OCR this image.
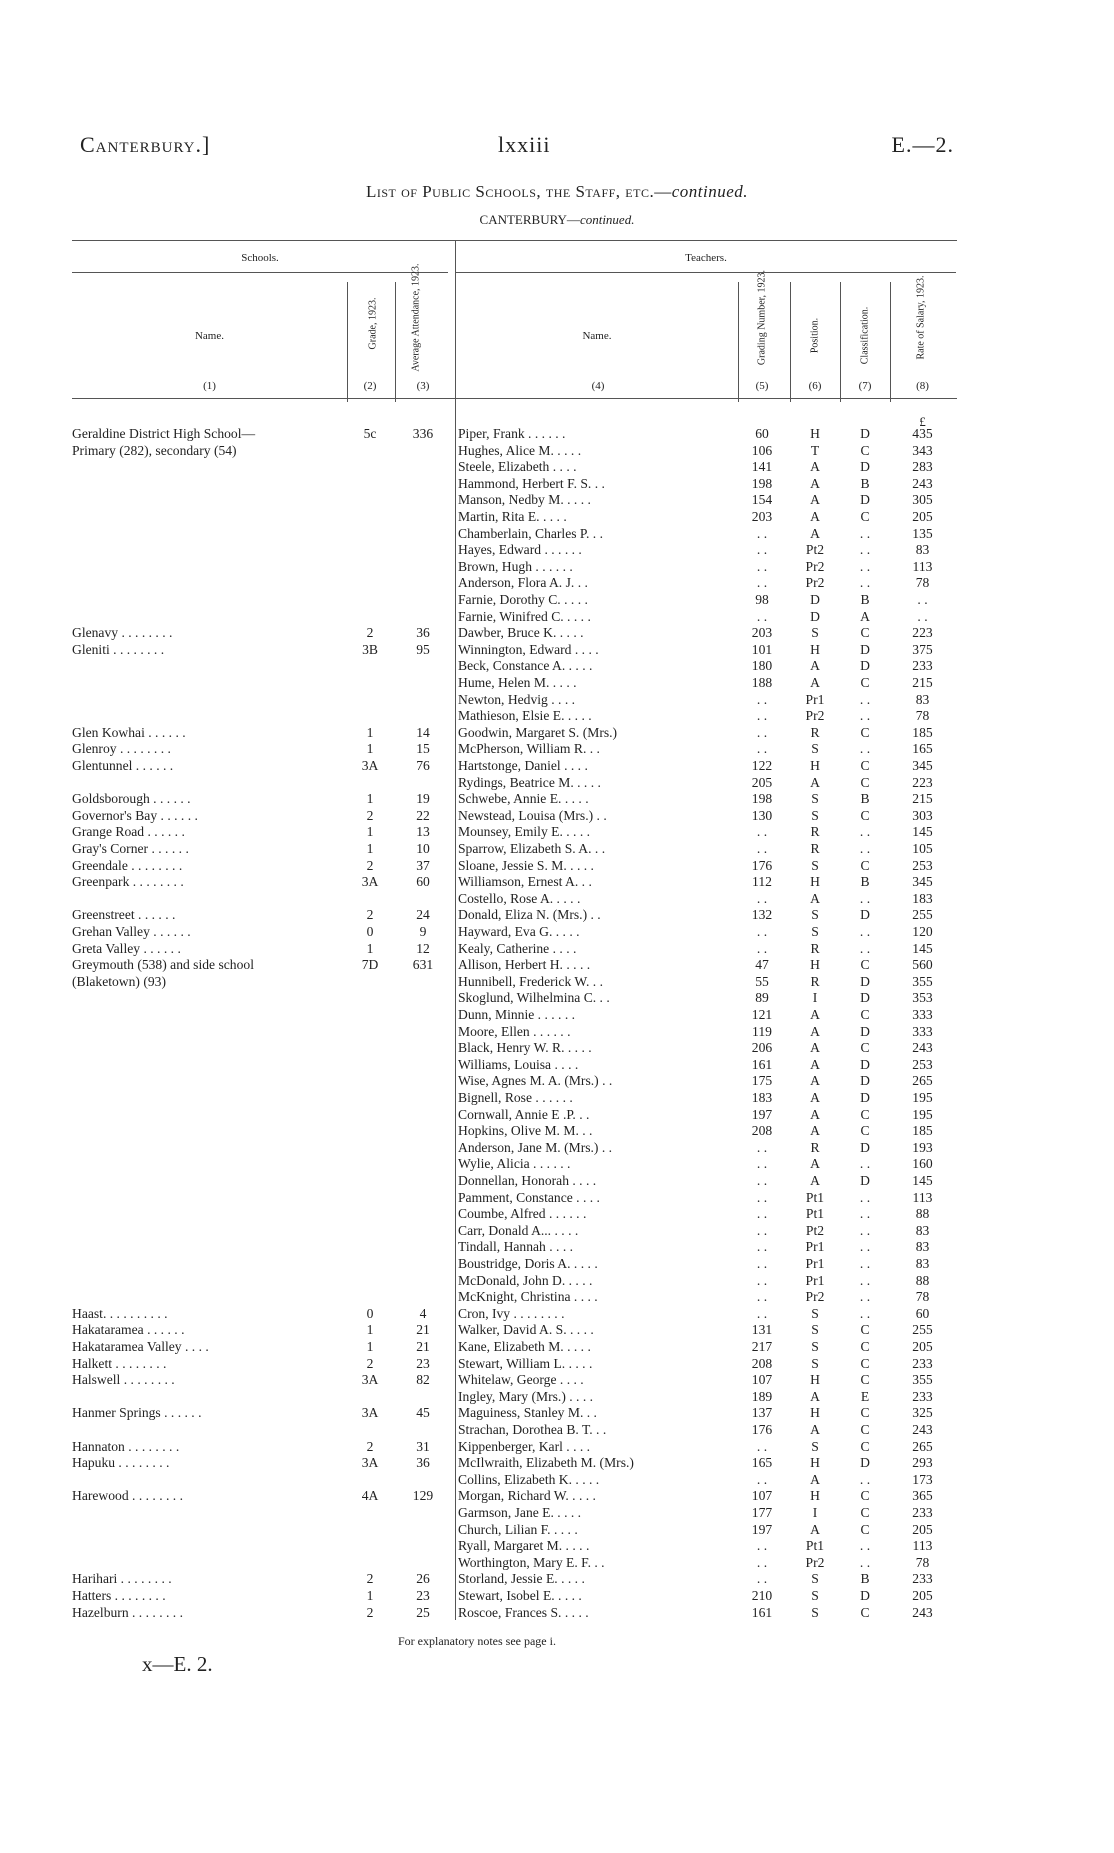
Canterbury.]	lxxiii	E.—2.
List of Public Schools, the Staff, etc.—continued.
CANTERBURY—continued.
Schools.	Teachers.
Name.	Grade, 1923.	Average Attendance, 1923.	Name.	Grading Number, 1923.	Position.	Classification.	Rate of Salary, 1923.
(1)	(2)	(3)	(4)	(5)	(6)	(7)	(8)
£
Geraldine District High School—	5c	336	Piper, Frank . . . . . .	60	H	D	435
Primary (282), secondary (54)	Hughes, Alice M. . . . .	106	T	C	343
Steele, Elizabeth . . . .	141	A	D	283
Hammond, Herbert F. S. . .	198	A	B	243
Manson, Nedby M. . . . .	154	A	D	305
Martin, Rita E. . . . .	203	A	C	205
Chamberlain, Charles P. . .	. .	A	. .	135
Hayes, Edward . . . . . .	. .	Pt2	. .	83
Brown, Hugh . . . . . .	. .	Pr2	. .	113
Anderson, Flora A. J. . .	. .	Pr2	. .	78
Farnie, Dorothy C. . . . .	98	D	B	. .
Farnie, Winifred C. . . . .	. .	D	A	. .
Glenavy . . . . . . . .	2	36	Dawber, Bruce K. . . . .	203	S	C	223
Gleniti . . . . . . . .	3B	95	Winnington, Edward . . . .	101	H	D	375
Beck, Constance A. . . . .	180	A	D	233
Hume, Helen M. . . . .	188	A	C	215
Newton, Hedvig . . . .	. .	Pr1	. .	83
Mathieson, Elsie E. . . . .	. .	Pr2	. .	78
Glen Kowhai . . . . . .	1	14	Goodwin, Margaret S. (Mrs.)	. .	R	C	185
Glenroy . . . . . . . .	1	15	McPherson, William R. . .	. .	S	. .	165
Glentunnel . . . . . .	3A	76	Hartstonge, Daniel . . . .	122	H	C	345
Rydings, Beatrice M. . . . .	205	A	C	223
Goldsborough . . . . . .	1	19	Schwebe, Annie E. . . . .	198	S	B	215
Governor's Bay . . . . . .	2	22	Newstead, Louisa (Mrs.) . .	130	S	C	303
Grange Road . . . . . .	1	13	Mounsey, Emily E. . . . .	. .	R	. .	145
Gray's Corner . . . . . .	1	10	Sparrow, Elizabeth S. A. . .	. .	R	. .	105
Greendale . . . . . . . .	2	37	Sloane, Jessie S. M. . . . .	176	S	C	253
Greenpark . . . . . . . .	3A	60	Williamson, Ernest A. . .	112	H	B	345
Costello, Rose A. . . . .	. .	A	. .	183
Greenstreet . . . . . .	2	24	Donald, Eliza N. (Mrs.) . .	132	S	D	255
Grehan Valley . . . . . .	0	9	Hayward, Eva G. . . . .	. .	S	. .	120
Greta Valley . . . . . .	1	12	Kealy, Catherine . . . .	. .	R	. .	145
Greymouth (538) and side school	7D	631	Allison, Herbert H. . . . .	47	H	C	560
(Blaketown) (93)	Hunnibell, Frederick W. . .	55	R	D	355
Skoglund, Wilhelmina C. . .	89	I	D	353
Dunn, Minnie . . . . . .	121	A	C	333
Moore, Ellen . . . . . .	119	A	D	333
Black, Henry W. R. . . . .	206	A	C	243
Williams, Louisa . . . .	161	A	D	253
Wise, Agnes M. A. (Mrs.) . .	175	A	D	265
Bignell, Rose . . . . . .	183	A	D	195
Cornwall, Annie E .P. . .	197	A	C	195
Hopkins, Olive M. M. . .	208	A	C	185
Anderson, Jane M. (Mrs.) . .	. .	R	D	193
Wylie, Alicia . . . . . .	. .	A	. .	160
Donnellan, Honorah . . . .	. .	A	D	145
Pamment, Constance . . . .	. .	Pt1	. .	113
Coumbe, Alfred . . . . . .	. .	Pt1	. .	88
Carr, Donald A... . . . .	. .	Pt2	. .	83
Tindall, Hannah . . . .	. .	Pr1	. .	83
Boustridge, Doris A. . . . .	. .	Pr1	. .	83
McDonald, John D. . . . .	. .	Pr1	. .	88
McKnight, Christina . . . .	. .	Pr2	. .	78
Haast. . . . . . . . . .	0	4	Cron, Ivy . . . . . . . .	. .	S	. .	60
Hakataramea . . . . . .	1	21	Walker, David A. S. . . . .	131	S	C	255
Hakataramea Valley . . . .	1	21	Kane, Elizabeth M. . . . .	217	S	C	205
Halkett . . . . . . . .	2	23	Stewart, William L. . . . .	208	S	C	233
Halswell . . . . . . . .	3A	82	Whitelaw, George . . . .	107	H	C	355
Ingley, Mary (Mrs.) . . . .	189	A	E	233
Hanmer Springs . . . . . .	3A	45	Maguiness, Stanley M. . .	137	H	C	325
Strachan, Dorothea B. T. . .	176	A	C	243
Hannaton . . . . . . . .	2	31	Kippenberger, Karl . . . .	. .	S	C	265
Hapuku . . . . . . . .	3A	36	McIlwraith, Elizabeth M. (Mrs.)	165	H	D	293
Collins, Elizabeth K. . . . .	. .	A	. .	173
Harewood . . . . . . . .	4A	129	Morgan, Richard W. . . . .	107	H	C	365
Garmson, Jane E. . . . .	177	I	C	233
Church, Lilian F. . . . .	197	A	C	205
Ryall, Margaret M. . . . .	. .	Pt1	. .	113
Worthington, Mary E. F. . .	. .	Pr2	. .	78
Harihari . . . . . . . .	2	26	Storland, Jessie E. . . . .	. .	S	B	233
Hatters . . . . . . . .	1	23	Stewart, Isobel E. . . . .	210	S	D	205
Hazelburn . . . . . . . .	2	25	Roscoe, Frances S. . . . .	161	S	C	243
For explanatory notes see page i.
x—E. 2.
